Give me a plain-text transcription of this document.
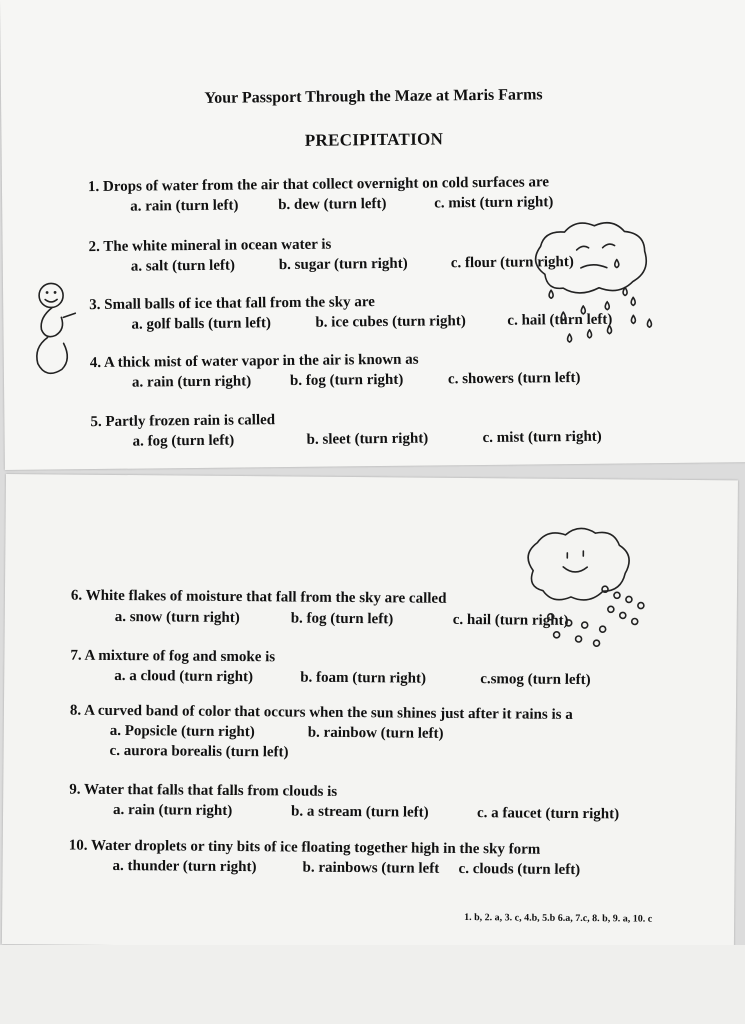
Your Passport Through the Maze at Maris Farms
PRECIPITATION
1. Drops of water from the air that collect overnight on cold surfaces are
a. rain (turn left)	b. dew (turn left)	c. mist (turn right)
2. The white mineral in ocean water is
a. salt (turn left)	b. sugar (turn right)	c. flour (turn right)
3. Small balls of ice that fall from the sky are
a. golf balls (turn left)	b. ice cubes (turn right)	c. hail (turn left)
4. A thick mist of water vapor in the air is known as
a. rain (turn right)	b. fog (turn right)	c. showers (turn left)
5. Partly frozen rain is called
a. fog (turn left)	b. sleet (turn right)	c. mist (turn right)
6. White flakes of moisture that fall from the sky are called
a. snow (turn right)	b. fog (turn left)	c. hail (turn right)
7. A mixture of fog and smoke is
a. a cloud (turn right)	b. foam (turn right)	c.smog (turn left)
8. A curved band of color that occurs when the sun shines just after it rains is a
a. Popsicle (turn right)	b. rainbow (turn left)
c. aurora borealis (turn left)
9. Water that falls that falls from clouds is
a. rain (turn right)	b. a stream (turn left)	c. a faucet (turn right)
10. Water droplets or tiny bits of ice floating together high in the sky form
a. thunder (turn right)	b. rainbows (turn left c. clouds (turn left)
1. b, 2. a, 3. c, 4.b, 5.b 6.a, 7.c, 8. b, 9. a, 10. c
